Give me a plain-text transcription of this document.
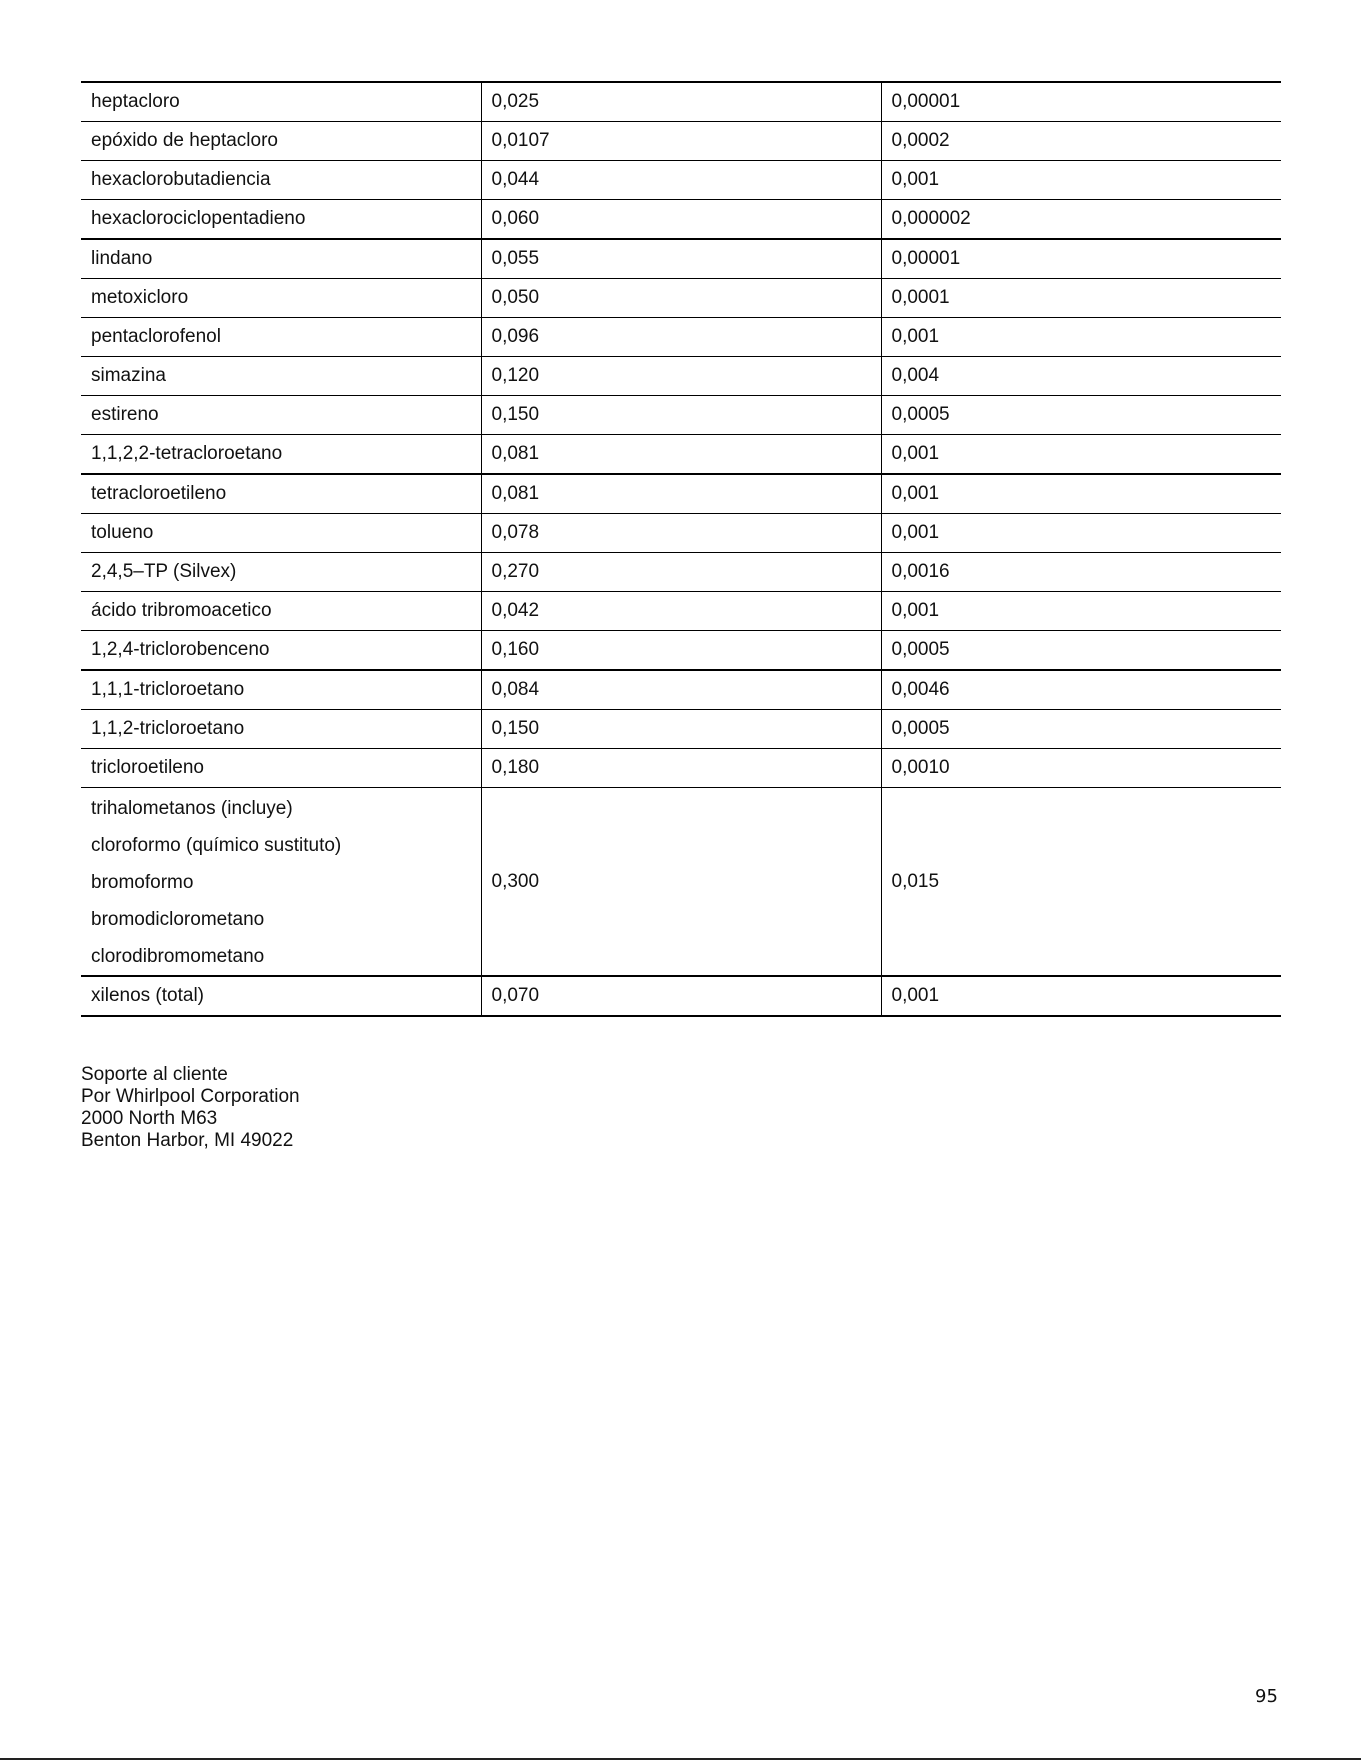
heptacloro	0,025	0,00001
epóxido de heptacloro	0,0107	0,0002
hexaclorobutadiencia	0,044	0,001
hexaclorociclopentadieno	0,060	0,000002
lindano	0,055	0,00001
metoxicloro	0,050	0,0001
pentaclorofenol	0,096	0,001
simazina	0,120	0,004
estireno	0,150	0,0005
1,1,2,2-tetracloroetano	0,081	0,001
tetracloroetileno	0,081	0,001
tolueno	0,078	0,001
2,4,5–TP (Silvex)	0,270	0,0016
ácido tribromoacetico	0,042	0,001
1,2,4-triclorobenceno	0,160	0,0005
1,1,1-tricloroetano	0,084	0,0046
1,1,2-tricloroetano	0,150	0,0005
tricloroetileno	0,180	0,0010

trihalometanos (incluye)
cloroformo (químico sustituto)
bromoformo
bromodiclorometano
clorodibromometano	0,300	0,015
xilenos (total)	0,070	0,001
Soporte al cliente
Por Whirlpool Corporation
2000 North M63
Benton Harbor, MI 49022
95
